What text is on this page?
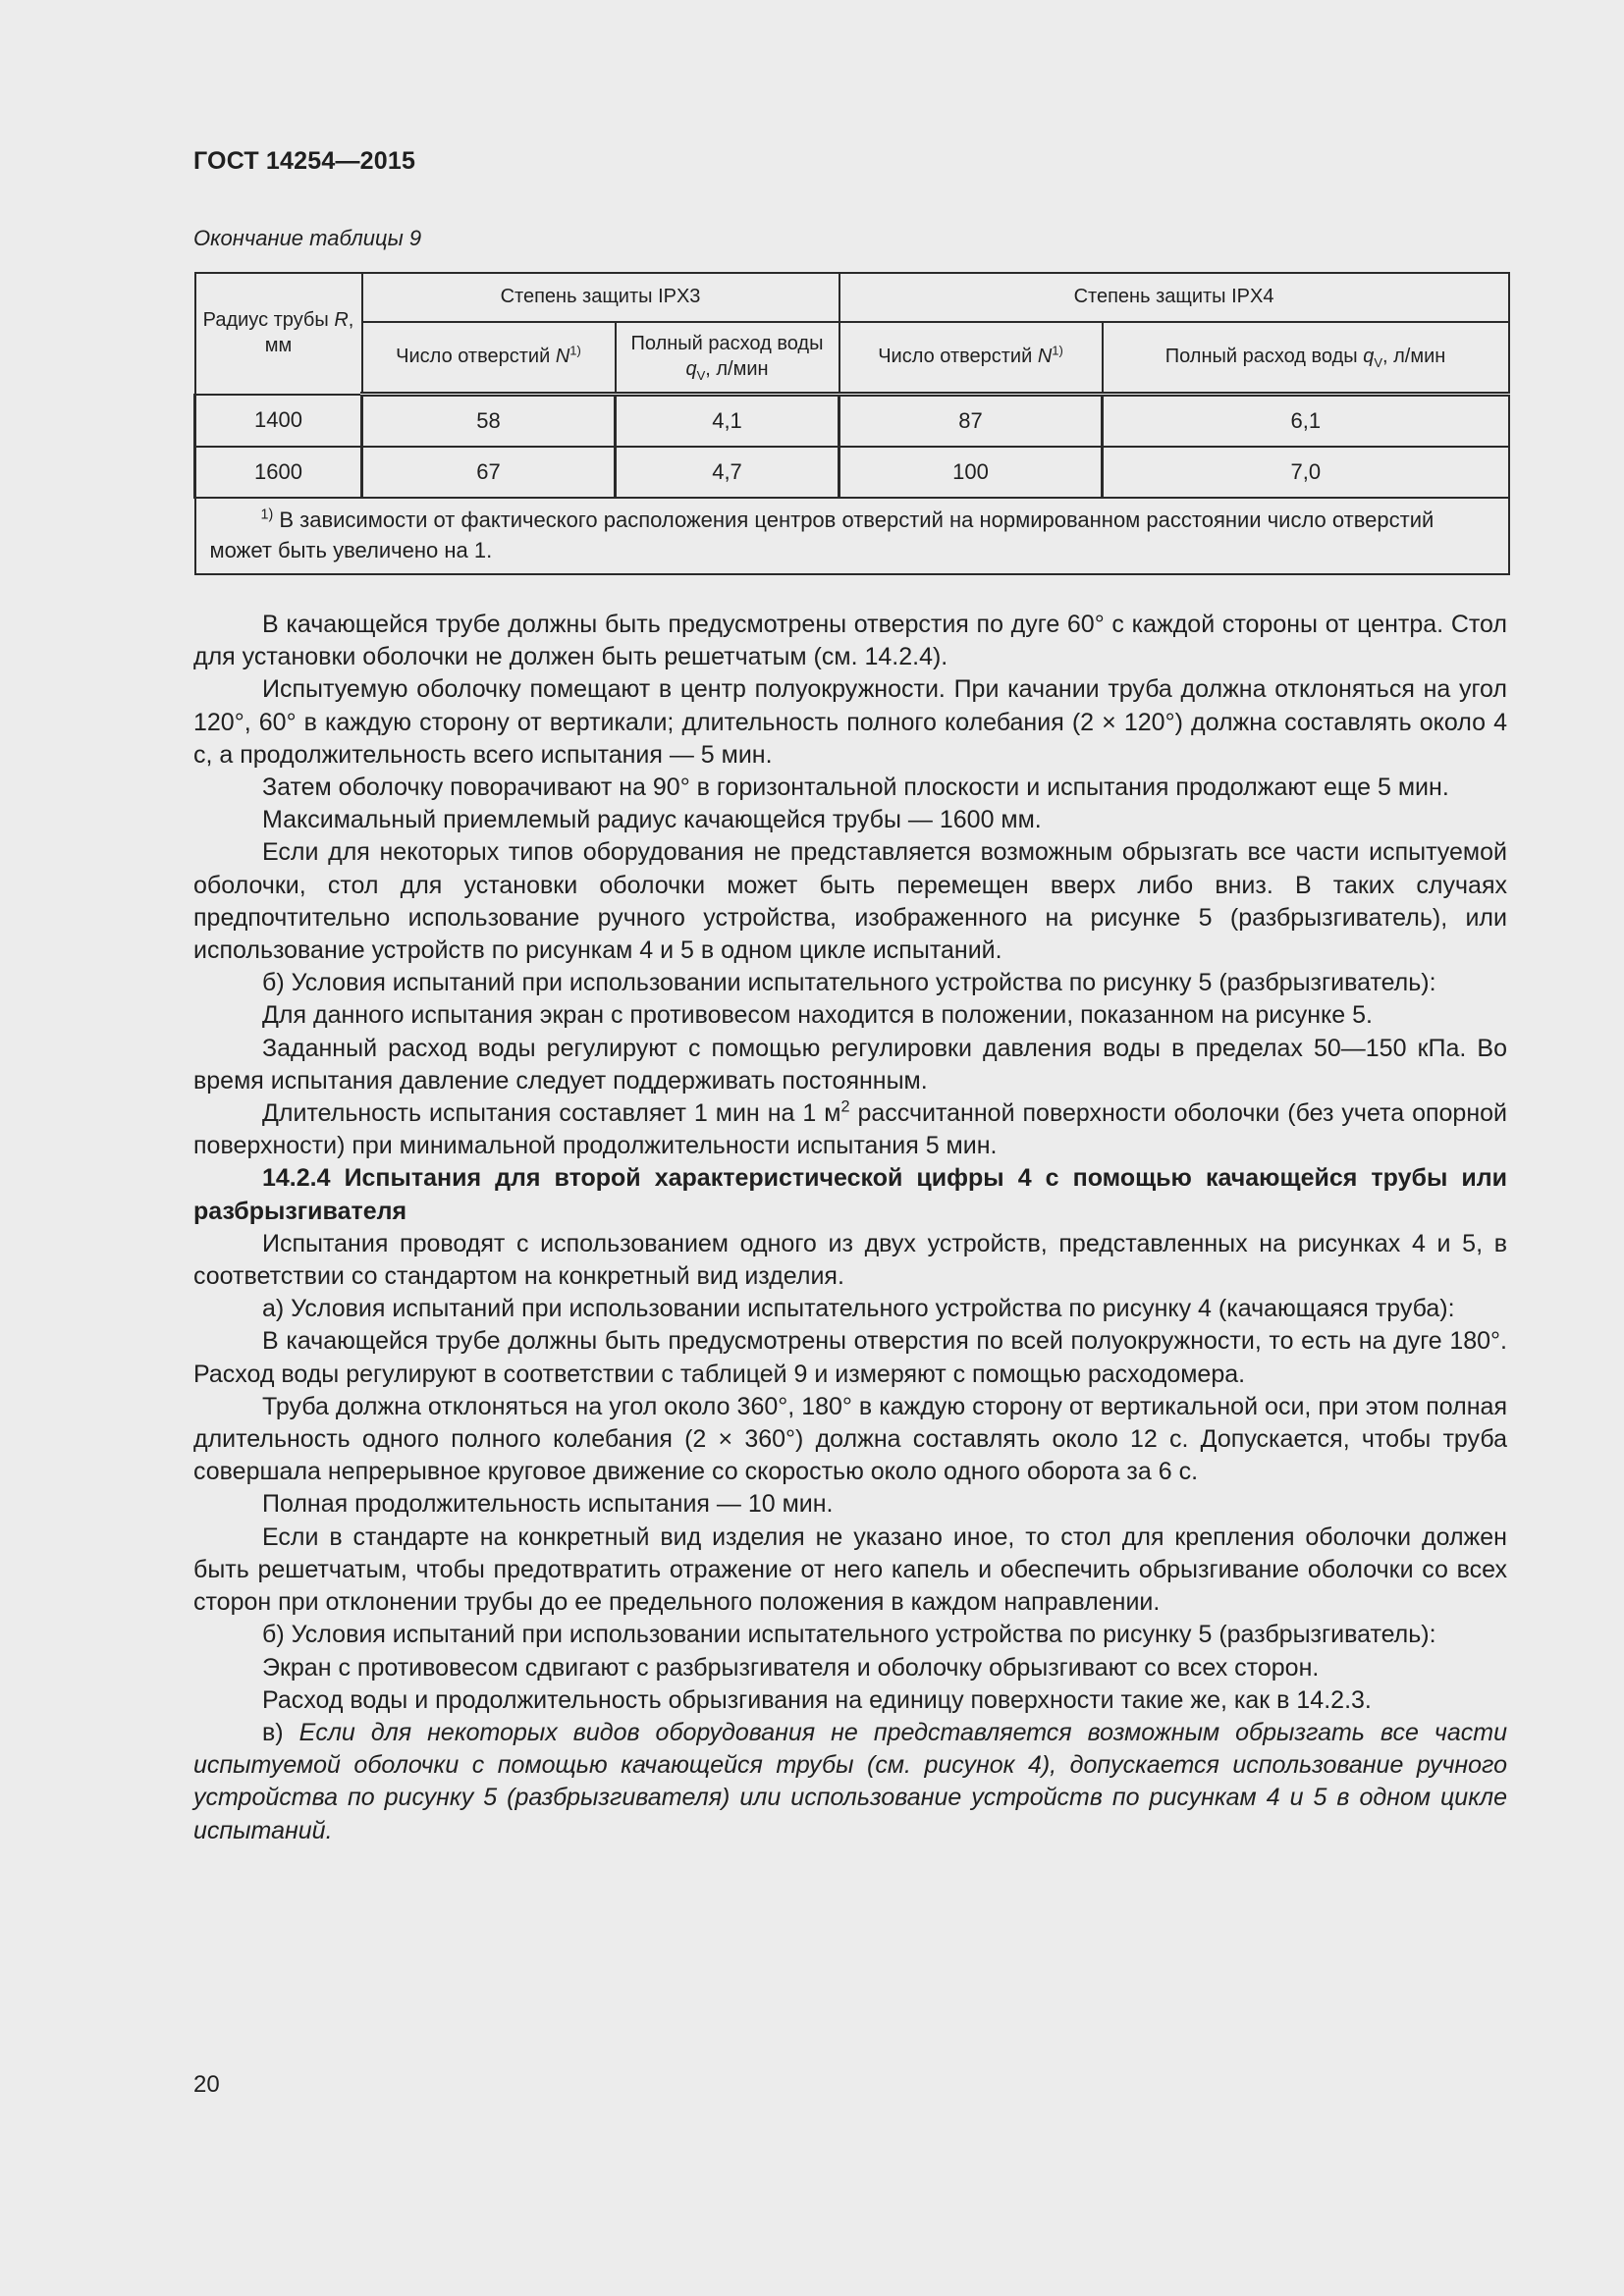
ГОСТ 14254—2015
Окончание таблицы 9
Радиус трубы R, мм	Степень защиты IPX3		Степень защиты IPX4	
	Число отверстий $N^{1)}$	Полный расход воды $q_V$, л/мин	Число отверстий $N^{1)}$	Полный расход воды $q_V$, л/мин
1400	58	4,1	87	6,1
1600	67	4,7	100	7,0

$^{1)}$ В зависимости от фактического расположения центров отверстий на нормированном расстоянии число отверстий может быть увеличено на 1.				

В качающейся трубе должны быть предусмотрены отверстия по дуге 60° с каждой стороны от центра. Стол для установки оболочки не должен быть решетчатым (см. 14.2.4).

Испытуемую оболочку помещают в центр полуокружности. При качании труба должна отклоняться на угол 120°, 60° в каждую сторону от вертикали; длительность полного колебания (2 × 120°) должна составлять около 4 с, а продолжительность всего испытания — 5 мин.

Затем оболочку поворачивают на 90° в горизонтальной плоскости и испытания продолжают еще 5 мин.

Максимальный приемлемый радиус качающейся трубы — 1600 мм.

Если для некоторых типов оборудования не представляется возможным обрызгать все части испытуемой оболочки, стол для установки оболочки может быть перемещен вверх либо вниз. В таких случаях предпочтительно использование ручного устройства, изображенного на рисунке 5 (разбрызгиватель), или использование устройств по рисункам 4 и 5 в одном цикле испытаний.

б) Условия испытаний при использовании испытательного устройства по рисунку 5 (разбрызгиватель):

Для данного испытания экран с противовесом находится в положении, показанном на рисунке 5.

Заданный расход воды регулируют с помощью регулировки давления воды в пределах 50—150 кПа. Во время испытания давление следует поддерживать постоянным.

Длительность испытания составляет 1 мин на 1 $м^2$ рассчитанной поверхности оболочки (без учета опорной поверхности) при минимальной продолжительности испытания 5 мин.

14.2.4 Испытания для второй характеристической цифры 4 с помощью качающейся трубы или разбрызгивателя

Испытания проводят с использованием одного из двух устройств, представленных на рисунках 4 и 5, в соответствии со стандартом на конкретный вид изделия.

а) Условия испытаний при использовании испытательного устройства по рисунку 4 (качающаяся труба):

В качающейся трубе должны быть предусмотрены отверстия по всей полуокружности, то есть на дуге 180°. Расход воды регулируют в соответствии с таблицей 9 и измеряют с помощью расходомера.

Труба должна отклоняться на угол около 360°, 180° в каждую сторону от вертикальной оси, при этом полная длительность одного полного колебания (2 × 360°) должна составлять около 12 с. Допускается, чтобы труба совершала непрерывное круговое движение со скоростью около одного оборота за 6 с.

Полная продолжительность испытания — 10 мин.

Если в стандарте на конкретный вид изделия не указано иное, то стол для крепления оболочки должен быть решетчатым, чтобы предотвратить отражение от него капель и обеспечить обрызгивание оболочки со всех сторон при отклонении трубы до ее предельного положения в каждом направлении.

б) Условия испытаний при использовании испытательного устройства по рисунку 5 (разбрызгиватель):

Экран с противовесом сдвигают с разбрызгивателя и оболочку обрызгивают со всех сторон.

Расход воды и продолжительность обрызгивания на единицу поверхности такие же, как в 14.2.3.

в) Если для некоторых видов оборудования не представляется возможным обрызгать все части испытуемой оболочки с помощью качающейся трубы (см. рисунок 4), допускается использование ручного устройства по рисунку 5 (разбрызгивателя) или использование устройств по рисункам 4 и 5 в одном цикле испытаний.

20
